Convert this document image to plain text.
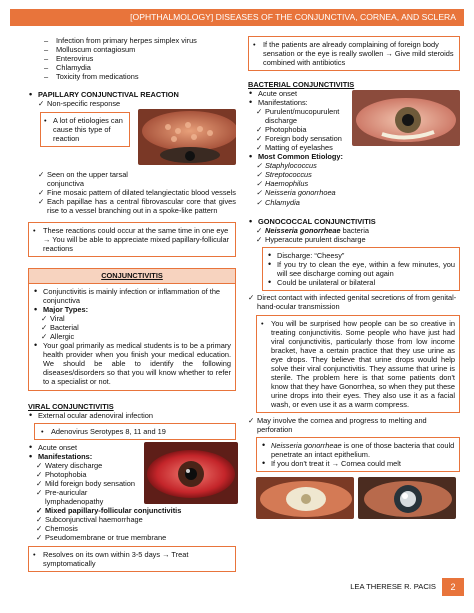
[OPHTHALMOLOGY] DISEASES OF THE CONJUNCTIVA, CORNEA, AND SCLERA
– Infection from primary herpes simplex virus
– Molluscum contagiosum
– Enterovirus
– Chlamydia
– Toxicity from medications
• PAPILLARY CONJUNCTIVAL REACTION
✓ Non-specific response
• A lot of etiologies can cause this type of reaction
✓ Seen on the upper tarsal conjunctiva
✓ Fine mosaic pattern of dilated telangiectatic blood vessels
✓ Each papillae has a central fibrovascular core that gives rise to a vessel branching out in a spoke-like pattern
• These reactions could occur at the same time in one eye → You will be able to appreciate mixed papillary-follicular reactions
CONJUNCTIVITIS
• Conjunctivitis is mainly infection or inflammation of the conjunctiva
• Major Types:
✓ Viral
✓ Bacterial
✓ Allergic
• Your goal primarily as medical students is to be a primary health provider when you finish your medical education. We should be able to identify the following diseases/disorders so that you will know whether to refer to a specialist or not.
VIRAL CONJUNCTIVITIS
• External ocular adenoviral infection
• Adenovirus Serotypes 8, 11 and 19
• Acute onset
• Manifestations:
✓ Watery discharge
✓ Photophobia
✓ Mild foreign body sensation
✓ Pre-auricular lymphadenopathy
✓ Mixed papillary-follicular conjunctivitis
✓ Subconjunctival haemorrhage
✓ Chemosis
✓ Pseudomembrane or true membrane
• Resolves on its own within 3-5 days → Treat symptomatically
• If the patients are already complaining of foreign body sensation or the eye is really swollen → Give mild steroids combined with antibiotics
BACTERIAL CONJUNCTIVITIS
• Acute onset
• Manifestations:
✓ Purulent/mucopurulent discharge
✓ Photophobia
✓ Foreign body sensation
✓ Matting of eyelashes
• Most Common Etiology:
✓ Staphylococcus
✓ Streptococcus
✓ Haemophilus
✓ Neisseria gonorrhoea
✓ Chlamydia
• GONOCOCCAL CONJUNCTIVITIS
✓ Neisseria gonorrheae bacteria
✓ Hyperacute purulent discharge
• Discharge: “Cheesy”
• If you try to clean the eye, within a few minutes, you will see discharge coming out again
• Could be unilateral or bilateral
✓ Direct contact with infected genital secretions of from genital-hand-ocular transmission
• You will be surprised how people can be so creative in treating conjunctivitis. Some people who have just had viral conjunctivitis, particularly those from low income bracket, have a certain practice that they use urine as eye drops. They believe that urine drops would help solve their viral conjunctivitis. They assume that urine is sterile. The problem here is that some patients don't know that they have Gonorrhea, so when they put these urine drops into their eyes. They also use it as a facial wash, or even use it as a warm compress.
✓ May involve the cornea and progress to melting and perforation
• Neisseria gonorrheae is one of those bacteria that could penetrate an intact epithelium.
• If you don't treat it → Cornea could melt
LEA THERESE R. PACIS	2
